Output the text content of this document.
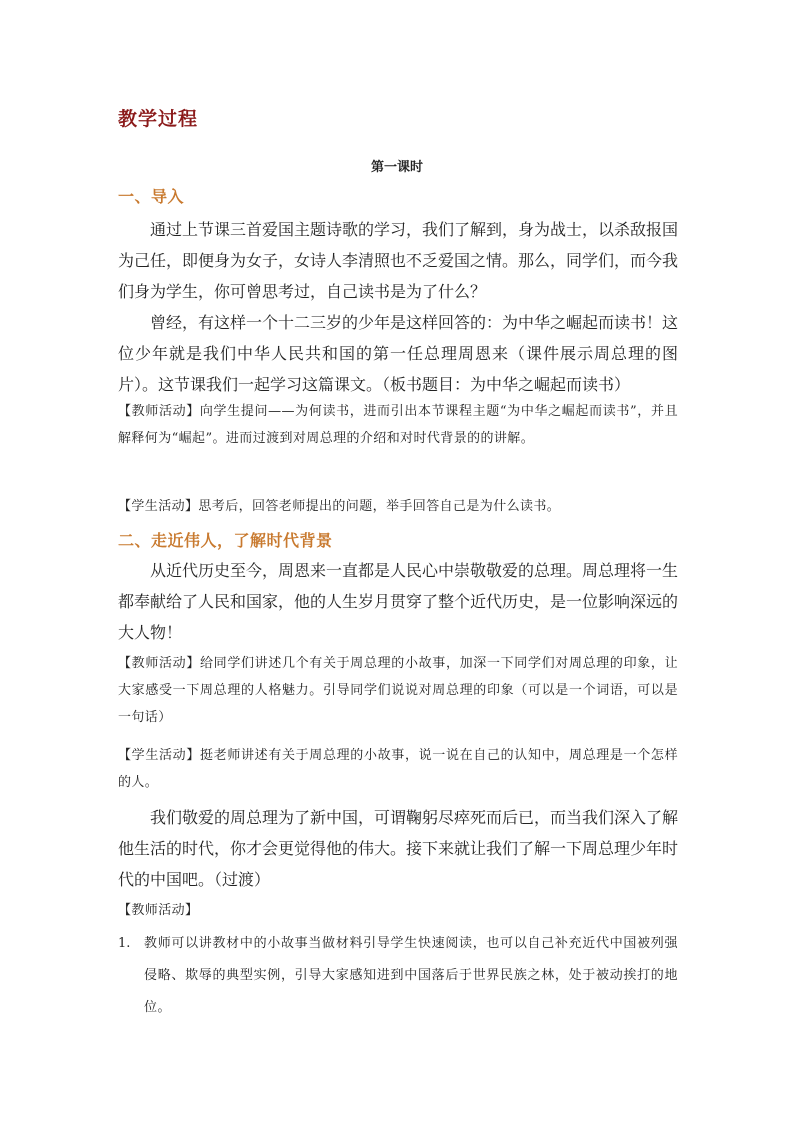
教学过程
第一课时
一、导入

通过上节课三首爱国主题诗歌的学习，我们了解到，身为战士，以杀敌报国为己任，即便身为女子，女诗人李清照也不乏爱国之情。那么，同学们，而今我们身为学生，你可曾思考过，自己读书是为了什么？

曾经，有这样一个十二三岁的少年是这样回答的：为中华之崛起而读书！这位少年就是我们中华人民共和国的第一任总理周恩来（课件展示周总理的图片）。这节课我们一起学习这篇课文。（板书题目：为中华之崛起而读书）

【教师活动】向学生提问——为何读书，进而引出本节课程主题“为中华之崛起而读书”，并且解释何为“崛起”。进而过渡到对周总理的介绍和对时代背景的的讲解。

【学生活动】思考后，回答老师提出的问题，举手回答自己是为什么读书。

二、走近伟人，了解时代背景

从近代历史至今，周恩来一直都是人民心中崇敬敬爱的总理。周总理将一生都奉献给了人民和国家，他的人生岁月贯穿了整个近代历史，是一位影响深远的大人物！

【教师活动】给同学们讲述几个有关于周总理的小故事，加深一下同学们对周总理的印象，让大家感受一下周总理的人格魅力。引导同学们说说对周总理的印象（可以是一个词语，可以是一句话）

【学生活动】挺老师讲述有关于周总理的小故事，说一说在自己的认知中，周总理是一个怎样的人。

我们敬爱的周总理为了新中国，可谓鞠躬尽瘁死而后已，而当我们深入了解他生活的时代，你才会更觉得他的伟大。接下来就让我们了解一下周总理少年时代的中国吧。（过渡）

【教师活动】

1.	教师可以讲教材中的小故事当做材料引导学生快速阅读，也可以自己补充近代中国被列强侵略、欺辱的典型实例，引导大家感知进到中国落后于世界民族之林，处于被动挨打的地位。
